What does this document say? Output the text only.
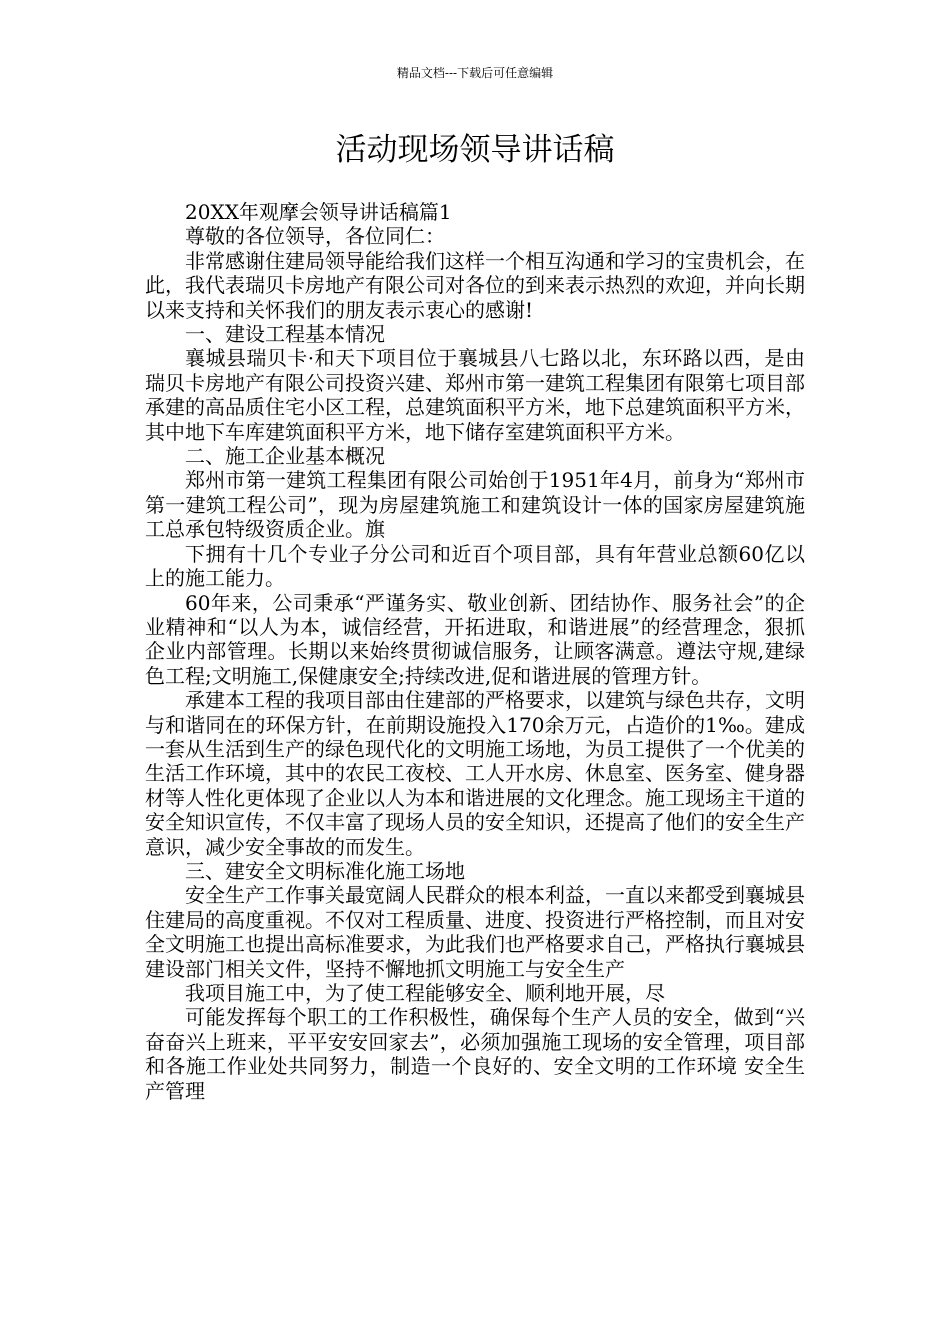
精品文档---下载后可任意编辑
活动现场领导讲话稿

20XX年观摩会领导讲话稿篇1

尊敬的各位领导，各位同仁：

非常感谢住建局领导能给我们这样一个相互沟通和学习的宝贵机会，在此，我代表瑞贝卡房地产有限公司对各位的到来表示热烈的欢迎，并向长期以来支持和关怀我们的朋友表示衷心的感谢!

一、建设工程基本情况

襄城县瑞贝卡·和天下项目位于襄城县八七路以北，东环路以西，是由瑞贝卡房地产有限公司投资兴建、郑州市第一建筑工程集团有限第七项目部承建的高品质住宅小区工程，总建筑面积平方米，地下总建筑面积平方米，其中地下车库建筑面积平方米，地下储存室建筑面积平方米。

二、施工企业基本概况

郑州市第一建筑工程集团有限公司始创于1951年4月，前身为“郑州市第一建筑工程公司”，现为房屋建筑施工和建筑设计一体的国家房屋建筑施工总承包特级资质企业。旗

下拥有十几个专业子分公司和近百个项目部，具有年营业总额60亿以上的施工能力。

60年来，公司秉承“严谨务实、敬业创新、团结协作、服务社会”的企业精神和“以人为本，诚信经营，开拓进取，和谐进展”的经营理念，狠抓企业内部管理。长期以来始终贯彻诚信服务，让顾客满意。遵法守规,建绿色工程;文明施工,保健康安全;持续改进,促和谐进展的管理方针。

承建本工程的我项目部由住建部的严格要求，以建筑与绿色共存，文明与和谐同在的环保方针，在前期设施投入170余万元，占造价的1‰。建成一套从生活到生产的绿色现代化的文明施工场地，为员工提供了一个优美的生活工作环境，其中的农民工夜校、工人开水房、休息室、医务室、健身器材等人性化更体现了企业以人为本和谐进展的文化理念。施工现场主干道的安全知识宣传，不仅丰富了现场人员的安全知识，还提高了他们的安全生产意识，减少安全事故的而发生。

三、建安全文明标准化施工场地

安全生产工作事关最宽阔人民群众的根本利益，一直以来都受到襄城县住建局的高度重视。不仅对工程质量、进度、投资进行严格控制，而且对安全文明施工也提出高标准要求，为此我们也严格要求自己，严格执行襄城县建设部门相关文件，坚持不懈地抓文明施工与安全生产

我项目施工中，为了使工程能够安全、顺利地开展，尽

可能发挥每个职工的工作积极性，确保每个生产人员的安全，做到“兴奋奋兴上班来，平平安安回家去”，必须加强施工现场的安全管理，项目部和各施工作业处共同努力，制造一个良好的、安全文明的工作环境 安全生产管理
